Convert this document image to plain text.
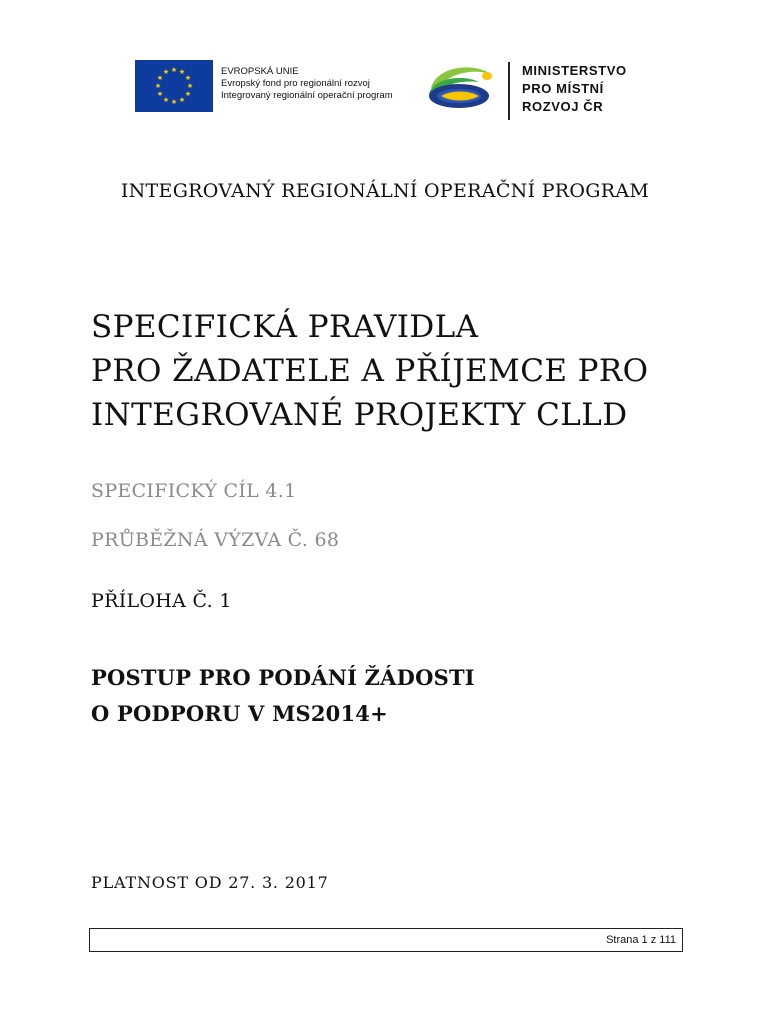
★ ★
★
★
★
★
★
★
★
★
★
★	EVROPSKÁ UNIE
Evropský fond pro regionální rozvoj
Integrovaný regionální operační program
MINISTERSTVO
PRO MÍSTNÍ
ROZVOJ ČR
INTEGROVANÝ REGIONÁLNÍ OPERAČNÍ PROGRAM
SPECIFICKÁ PRAVIDLA
PRO ŽADATELE A PŘÍJEMCE PRO
INTEGROVANÉ PROJEKTY CLLD
SPECIFICKÝ CÍL 4.1
PRŮBĚŽNÁ VÝZVA Č. 68
PŘÍLOHA Č. 1
POSTUP PRO PODÁNÍ ŽÁDOSTI
O PODPORU V MS2014+
PLATNOST OD 27. 3. 2017
Strana 1 z 111
